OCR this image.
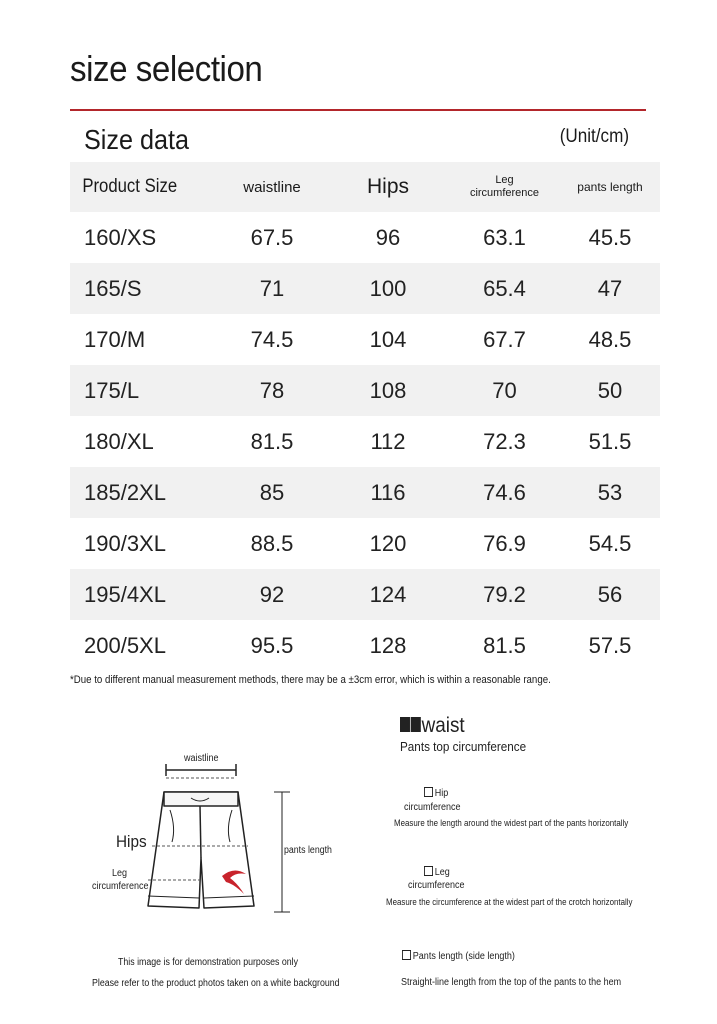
size selection
Size data	(Unit/cm)
Product Size	waistline	Hips	Leg
circumference	pants length
160/XS	67.5	96	63.1	45.5
165/S	71	100	65.4	47
170/M	74.5	104	67.7	48.5
175/L	78	108	70	50
180/XL	81.5	112	72.3	51.5
185/2XL	85	116	74.6	53
190/3XL	88.5	120	76.9	54.5
195/4XL	92	124	79.2	56
200/5XL	95.5	128	81.5	57.5
*Due to different manual measurement methods, there may be a ±3cm error, which is within a reasonable range.
waistline
Hips
Leg
circumference
pants length
This image is for demonstration purposes only
Please refer to the product photos taken on a white background
waist
Pants top circumference
Hip
circumference
Measure the length around the widest part of the pants horizontally
Leg
circumference
Measure the circumference at the widest part of the crotch horizontally
Pants length (side length)
Straight-line length from the top of the pants to the hem
